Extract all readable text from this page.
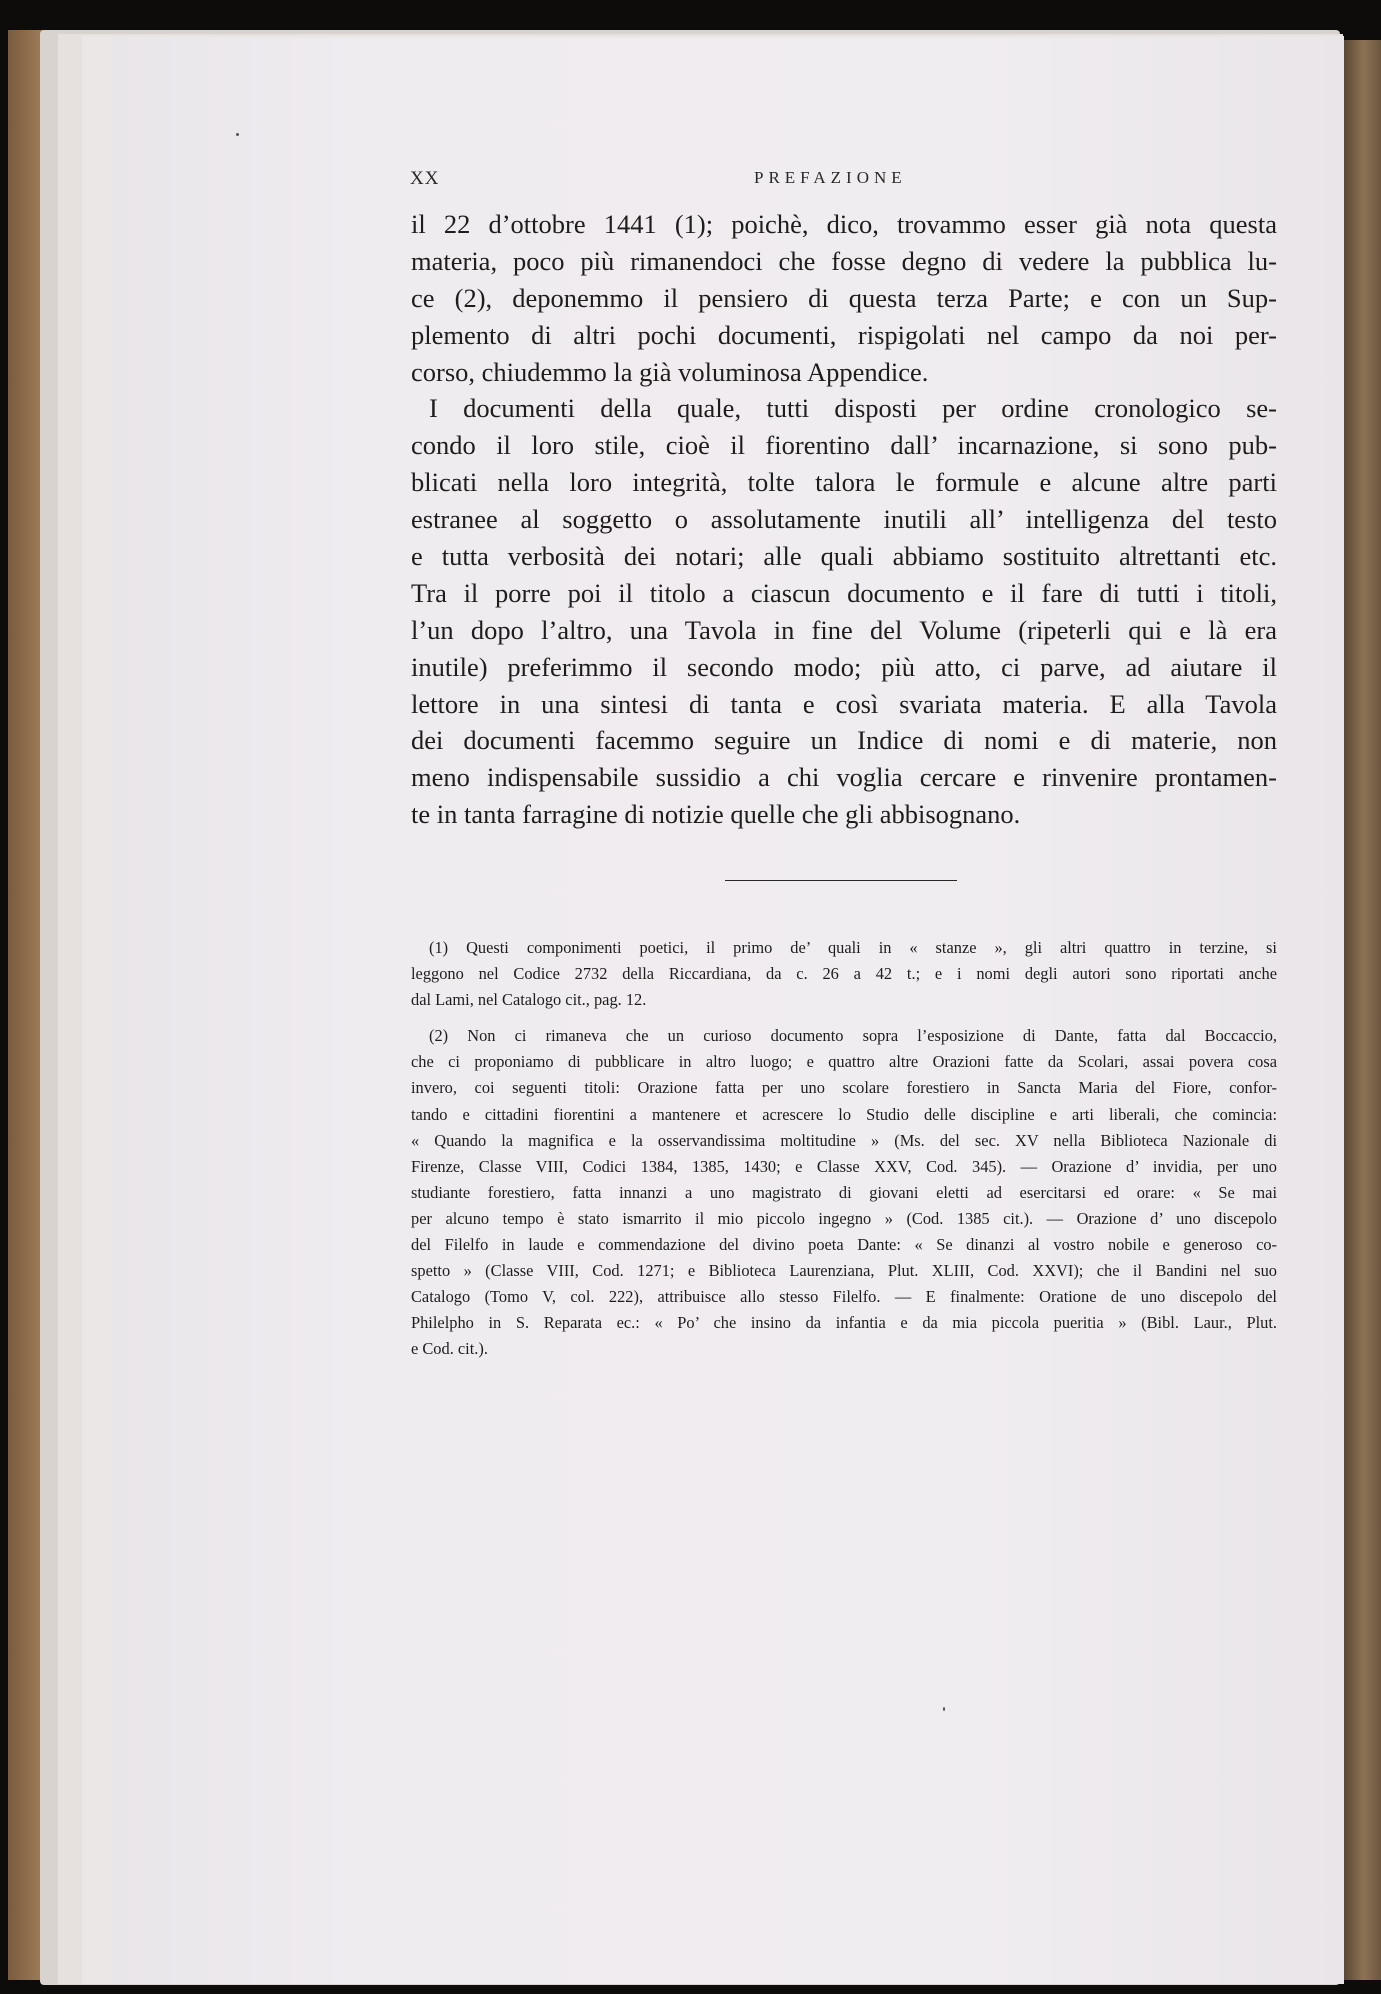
XX	PREFAZIONE
il 22 d’ottobre 1441 (1); poichè, dico, trovammo esser già nota questa
materia, poco più rimanendoci che fosse degno di vedere la pubblica lu-
ce (2), deponemmo il pensiero di questa terza Parte; e con un Sup-
plemento di altri pochi documenti, rispigolati nel campo da noi per-
corso, chiudemmo la già voluminosa Appendice.
I documenti della quale, tutti disposti per ordine cronologico se-
condo il loro stile, cioè il fiorentino dall’ incarnazione, si sono pub-
blicati nella loro integrità, tolte talora le formule e alcune altre parti
estranee al soggetto o assolutamente inutili all’ intelligenza del testo
e tutta verbosità dei notari; alle quali abbiamo sostituito altrettanti etc.
Tra il porre poi il titolo a ciascun documento e il fare di tutti i titoli,
l’un dopo l’altro, una Tavola in fine del Volume (ripeterli qui e là era
inutile) preferimmo il secondo modo; più atto, ci parve, ad aiutare il
lettore in una sintesi di tanta e così svariata materia. E alla Tavola
dei documenti facemmo seguire un Indice di nomi e di materie, non
meno indispensabile sussidio a chi voglia cercare e rinvenire prontamen-
te in tanta farragine di notizie quelle che gli abbisognano.
(1) Questi componimenti poetici, il primo de’ quali in « stanze », gli altri quattro in terzine, si
leggono nel Codice 2732 della Riccardiana, da c. 26 a 42 t.; e i nomi degli autori sono riportati anche
dal Lami, nel Catalogo cit., pag. 12.
(2) Non ci rimaneva che un curioso documento sopra l’esposizione di Dante, fatta dal Boccaccio,
che ci proponiamo di pubblicare in altro luogo; e quattro altre Orazioni fatte da Scolari, assai povera cosa
invero, coi seguenti titoli: Orazione fatta per uno scolare forestiero in Sancta Maria del Fiore, confor-
tando e cittadini fiorentini a mantenere et acrescere lo Studio delle discipline e arti liberali, che comincia:
« Quando la magnifica e la osservandissima moltitudine » (Ms. del sec. XV nella Biblioteca Nazionale di
Firenze, Classe VIII, Codici 1384, 1385, 1430; e Classe XXV, Cod. 345). — Orazione d’ invidia, per uno
studiante forestiero, fatta innanzi a uno magistrato di giovani eletti ad esercitarsi ed orare: « Se mai
per alcuno tempo è stato ismarrito il mio piccolo ingegno » (Cod. 1385 cit.). — Orazione d’ uno discepolo
del Filelfo in laude e commendazione del divino poeta Dante: « Se dinanzi al vostro nobile e generoso co-
spetto » (Classe VIII, Cod. 1271; e Biblioteca Laurenziana, Plut. XLIII, Cod. XXVI); che il Bandini nel suo
Catalogo (Tomo V, col. 222), attribuisce allo stesso Filelfo. — E finalmente: Oratione de uno discepolo del
Philelpho in S. Reparata ec.: « Po’ che insino da infantia e da mia piccola pueritia » (Bibl. Laur., Plut.
e Cod. cit.).
